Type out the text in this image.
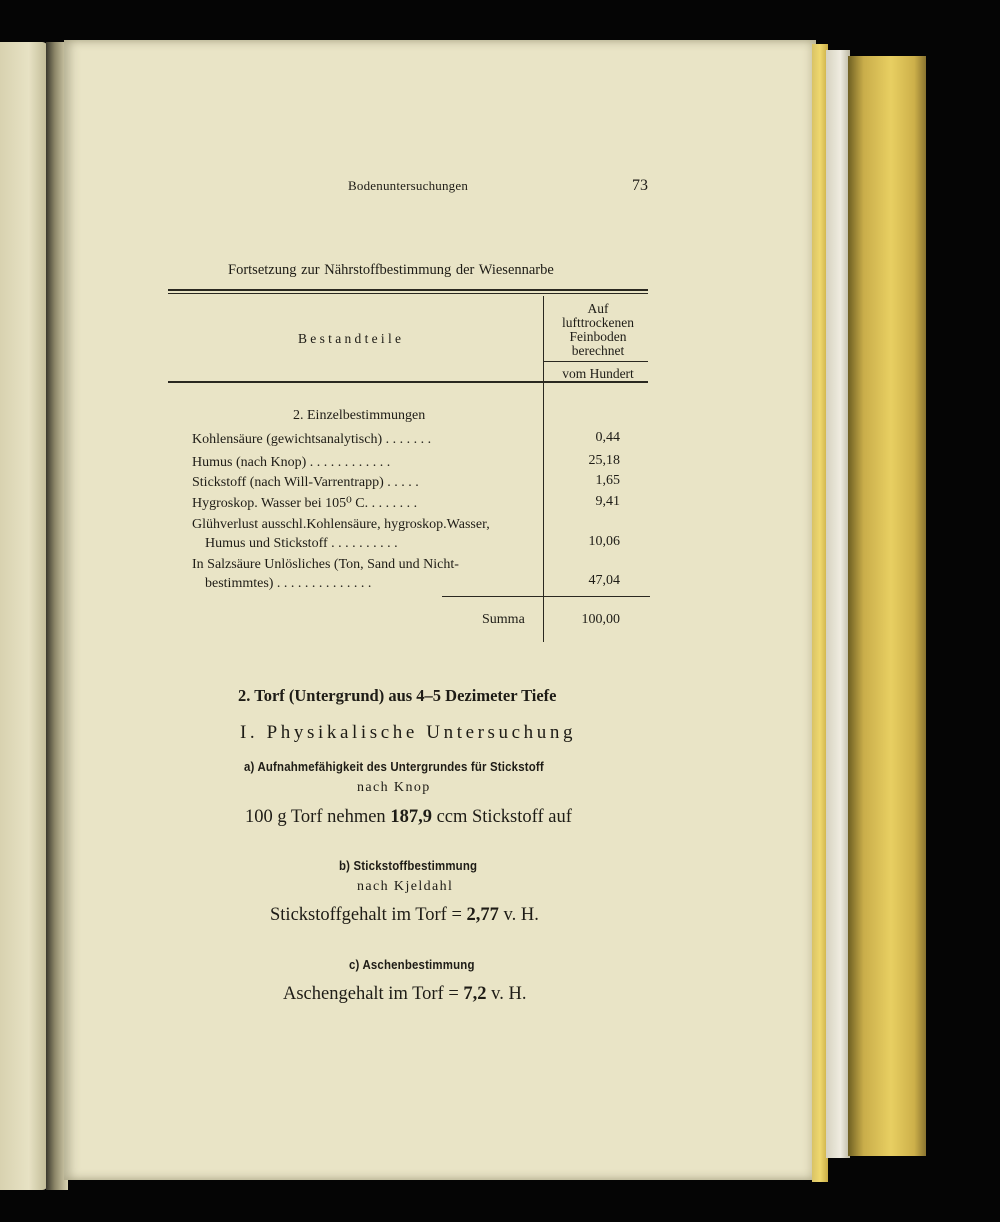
Bodenuntersuchungen	73

Fortsetzung zur Nährstoffbestimmung der Wiesennarbe

Bestandteile

Auf
lufttrockenen
Feinboden
berechnet

vom Hundert

2. Einzelbestimmungen

Kohlensäure (gewichtsanalytisch) . . . . . . .	0,44

Humus (nach Knop) . . . . . . . . . . . .	25,18

Stickstoff (nach Will-Varrentrapp) . . . . .	1,65

Hygroskop. Wasser bei 105⁰ C. . . . . . . .	9,41

Glühverlust ausschl.Kohlensäure, hygroskop.Wasser,
Humus und Stickstoff . . . . . . . . . .	10,06

In Salzsäure Unlösliches (Ton, Sand und Nicht-
bestimmtes) . . . . . . . . . . . . . .	47,04

Summa	100,00

2. Torf (Untergrund) aus 4–5 Dezimeter Tiefe

I. Physikalische Untersuchung

a) Aufnahmefähigkeit des Untergrundes für Stickstoff

nach Knop

100 g Torf nehmen 187,9 ccm Stickstoff auf

b) Stickstoffbestimmung

nach Kjeldahl

Stickstoffgehalt im Torf = 2,77 v. H.

c) Aschenbestimmung

Aschengehalt im Torf = 7,2 v. H.
